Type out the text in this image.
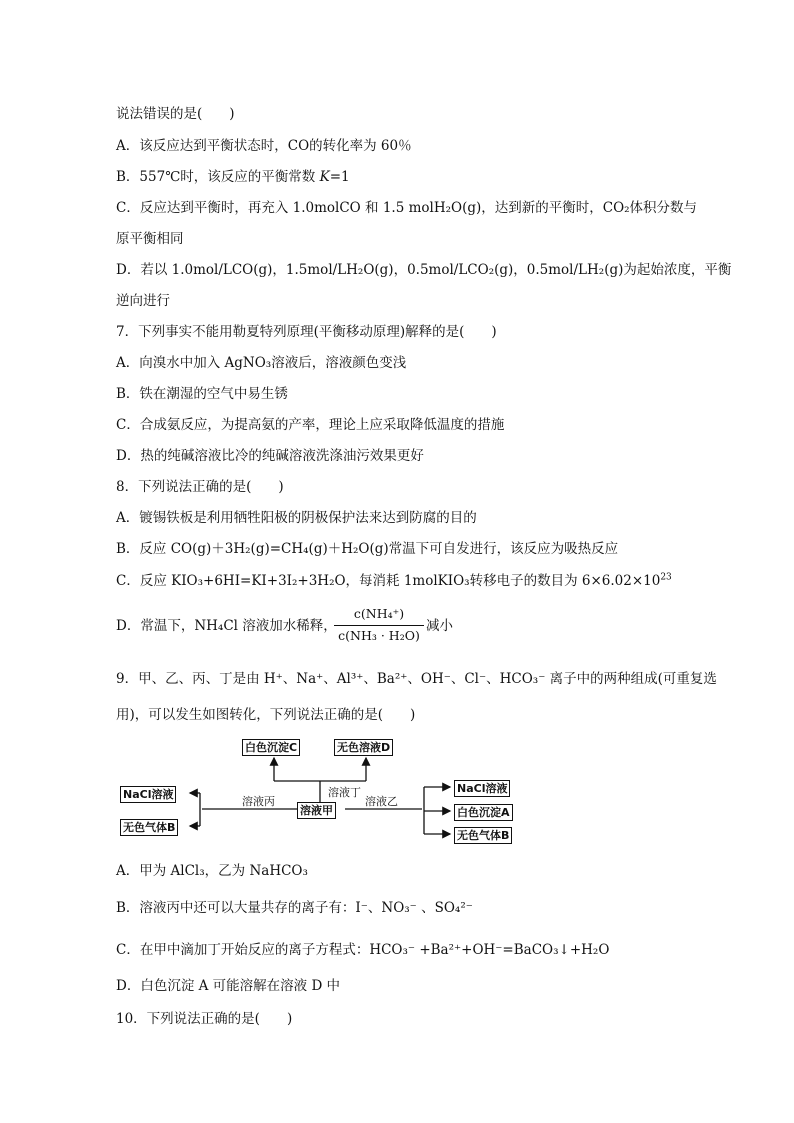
说法错误的是(　　)
A．该反应达到平衡状态时，CO的转化率为 60％
B．557℃时，该反应的平衡常数 K=1
C．反应达到平衡时，再充入 1.0molCO 和 1.5 molH₂O(g)，达到新的平衡时，CO₂体积分数与
原平衡相同
D．若以 1.0mol/LCO(g)，1.5mol/LH₂O(g)，0.5mol/LCO₂(g)，0.5mol/LH₂(g)为起始浓度，平衡
逆向进行
7．下列事实不能用勒夏特列原理(平衡移动原理)解释的是(　　)
A．向溴水中加入 AgNO₃溶液后，溶液颜色变浅
B．铁在潮湿的空气中易生锈
C．合成氨反应，为提高氨的产率，理论上应采取降低温度的措施
D．热的纯碱溶液比冷的纯碱溶液洗涤油污效果更好
8．下列说法正确的是(　　)
A．镀锡铁板是利用牺牲阳极的阴极保护法来达到防腐的目的
B．反应 CO(g)＋3H₂(g)=CH₄(g)＋H₂O(g)常温下可自发进行，该反应为吸热反应
C．反应 KIO₃+6HI=KI+3I₂+3H₂O，每消耗 1molKIO₃转移电子的数目为 $6\times 6.02\times 10^{23}$
D．常温下，NH₄Cl 溶液加水稀释，
c(NH₄⁺)
c(NH₃ · H₂O)
减小
9．甲、乙、丙、丁是由 H⁺、Na⁺、Al³⁺、Ba²⁺、OH⁻、Cl⁻、HCO₃⁻ 离子中的两种组成(可重复选
用)，可以发生如图转化，下列说法正确的是(　　)
白色沉淀C	无色溶液D
溶液甲
NaCl溶液
无色气体B
NaCl溶液
白色沉淀A
无色气体B
溶液丙
溶液丁
溶液乙
A．甲为 AlCl₃，乙为 NaHCO₃
B．溶液丙中还可以大量共存的离子有：I⁻、NO₃⁻ 、SO₄²⁻
C．在甲中滴加丁开始反应的离子方程式：HCO₃⁻ +Ba²⁺+OH⁻=BaCO₃↓+H₂O
D．白色沉淀 A 可能溶解在溶液 D 中
10．下列说法正确的是(　　)
